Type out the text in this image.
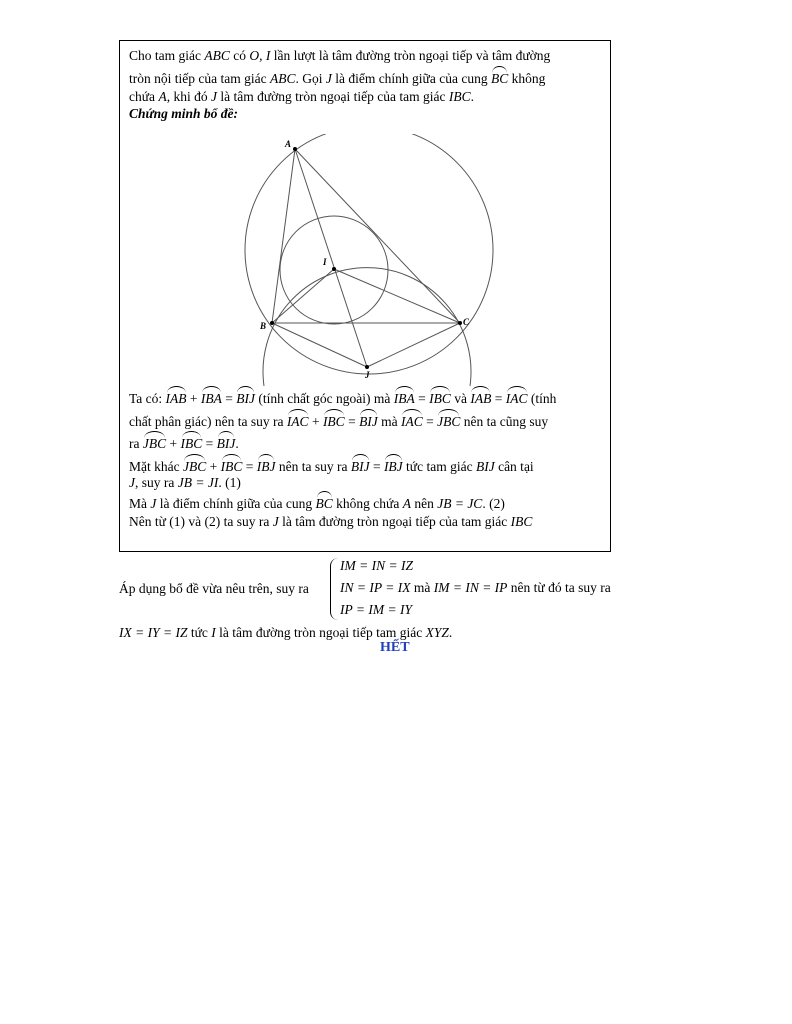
Cho tam giác ABC có O, I lần lượt là tâm đường tròn ngoại tiếp và tâm đường
tròn nội tiếp của tam giác ABC. Gọi J là điểm chính giữa của cung BC không
chứa A, khi đó J là tâm đường tròn ngoại tiếp của tam giác IBC.
Chứng minh bổ đề:
A
B	C
I
J
Ta có: IAB + IBA = BIJ (tính chất góc ngoài) mà IBA = IBC và IAB = IAC (tính
chất phân giác) nên ta suy ra IAC + IBC = BIJ mà IAC = JBC nên ta cũng suy
ra JBC + IBC = BIJ.
Mặt khác JBC + IBC = IBJ nên ta suy ra BIJ = IBJ tức tam giác BIJ cân tại
J, suy ra JB = JI. (1)
Mà J là điểm chính giữa của cung BC không chứa A nên JB = JC. (2)
Nên từ (1) và (2) ta suy ra J là tâm đường tròn ngoại tiếp của tam giác IBC
Áp dụng bổ đề vừa nêu trên, suy ra
IM = IN = IZ
IN = IP = IX mà IM = IN = IP nên từ đó ta suy ra
IP = IM = IY
IX = IY = IZ tức I là tâm đường tròn ngoại tiếp tam giác XYZ.
HẾT
